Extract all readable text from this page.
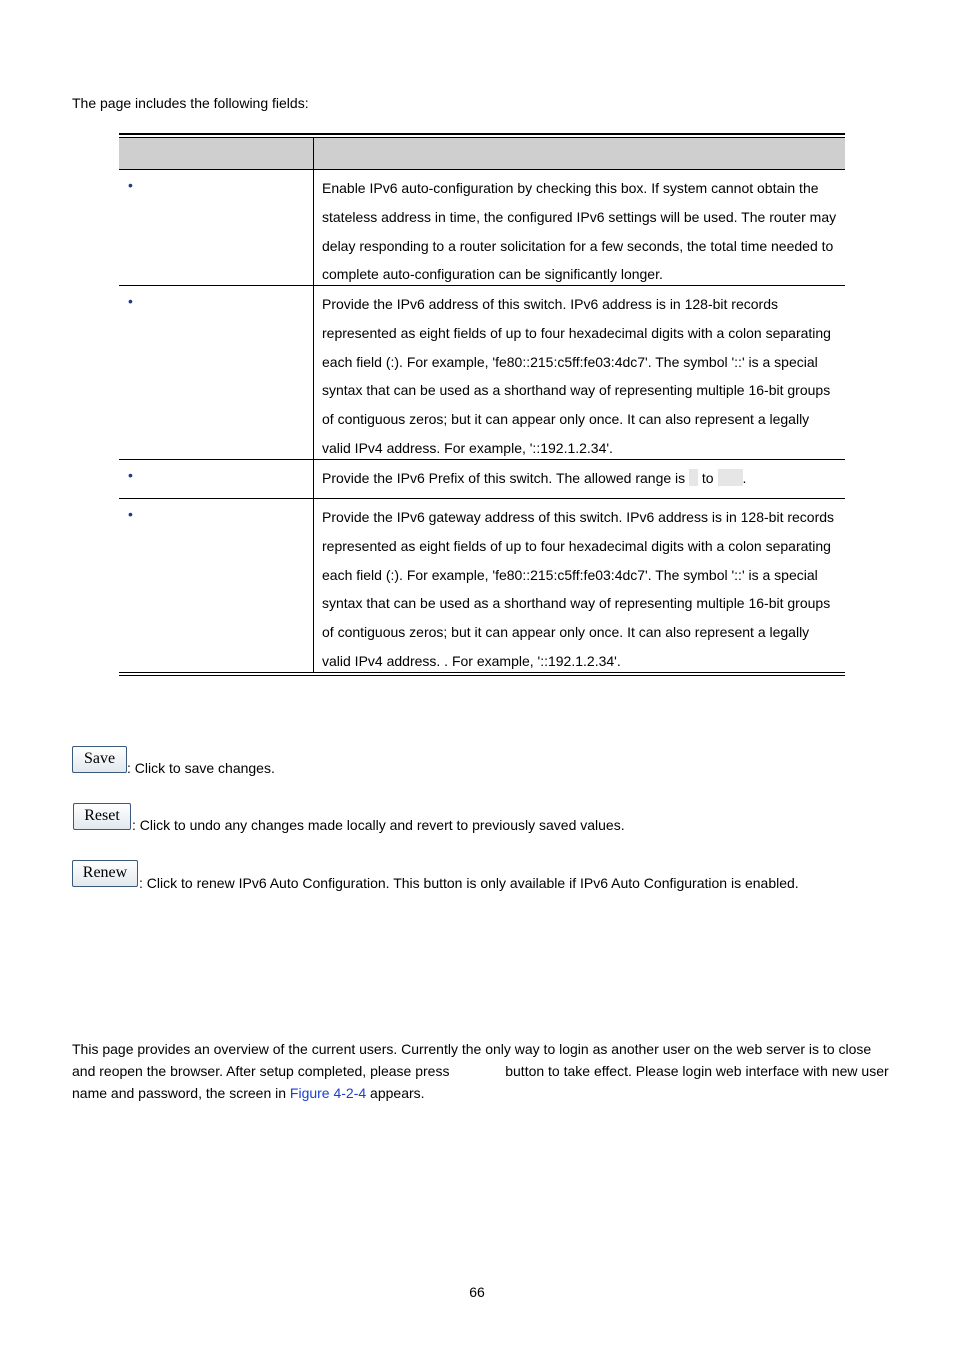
The page includes the following fields:
•	Enable IPv6 auto-configuration by checking this box. If system cannot obtain the stateless address in time, the configured IPv6 settings will be used. The router may delay responding to a router solicitation for a few seconds, the total time needed to complete auto-configuration can be significantly longer.
•	Provide the IPv6 address of this switch. IPv6 address is in 128-bit records represented as eight fields of up to four hexadecimal digits with a colon separating each field (:). For example, 'fe80::215:c5ff:fe03:4dc7'. The symbol '::' is a special syntax that can be used as a shorthand way of representing multiple 16-bit groups of contiguous zeros; but it can appear only once. It can also represent a legally valid IPv4 address. For example, '::192.1.2.34'.
•	Provide the IPv6 Prefix of this switch. The allowed range is  to .
•	Provide the IPv6 gateway address of this switch. IPv6 address is in 128-bit records represented as eight fields of up to four hexadecimal digits with a colon separating each field (:). For example, 'fe80::215:c5ff:fe03:4dc7'. The symbol '::' is a special syntax that can be used as a shorthand way of representing multiple 16-bit groups of contiguous zeros; but it can appear only once. It can also represent a legally valid IPv4 address. . For example, '::192.1.2.34'.
Save
: Click to save changes.
Reset
: Click to undo any changes made locally and revert to previously saved values.
Renew
: Click to renew IPv6 Auto Configuration. This button is only available if IPv6 Auto Configuration is enabled.
This page provides an overview of the current users. Currently the only way to login as another user on the web server is to close and reopen the browser. After setup completed, please press	button to take effect. Please login web interface with new user name and password, the screen in Figure 4-2-4 appears.
66
